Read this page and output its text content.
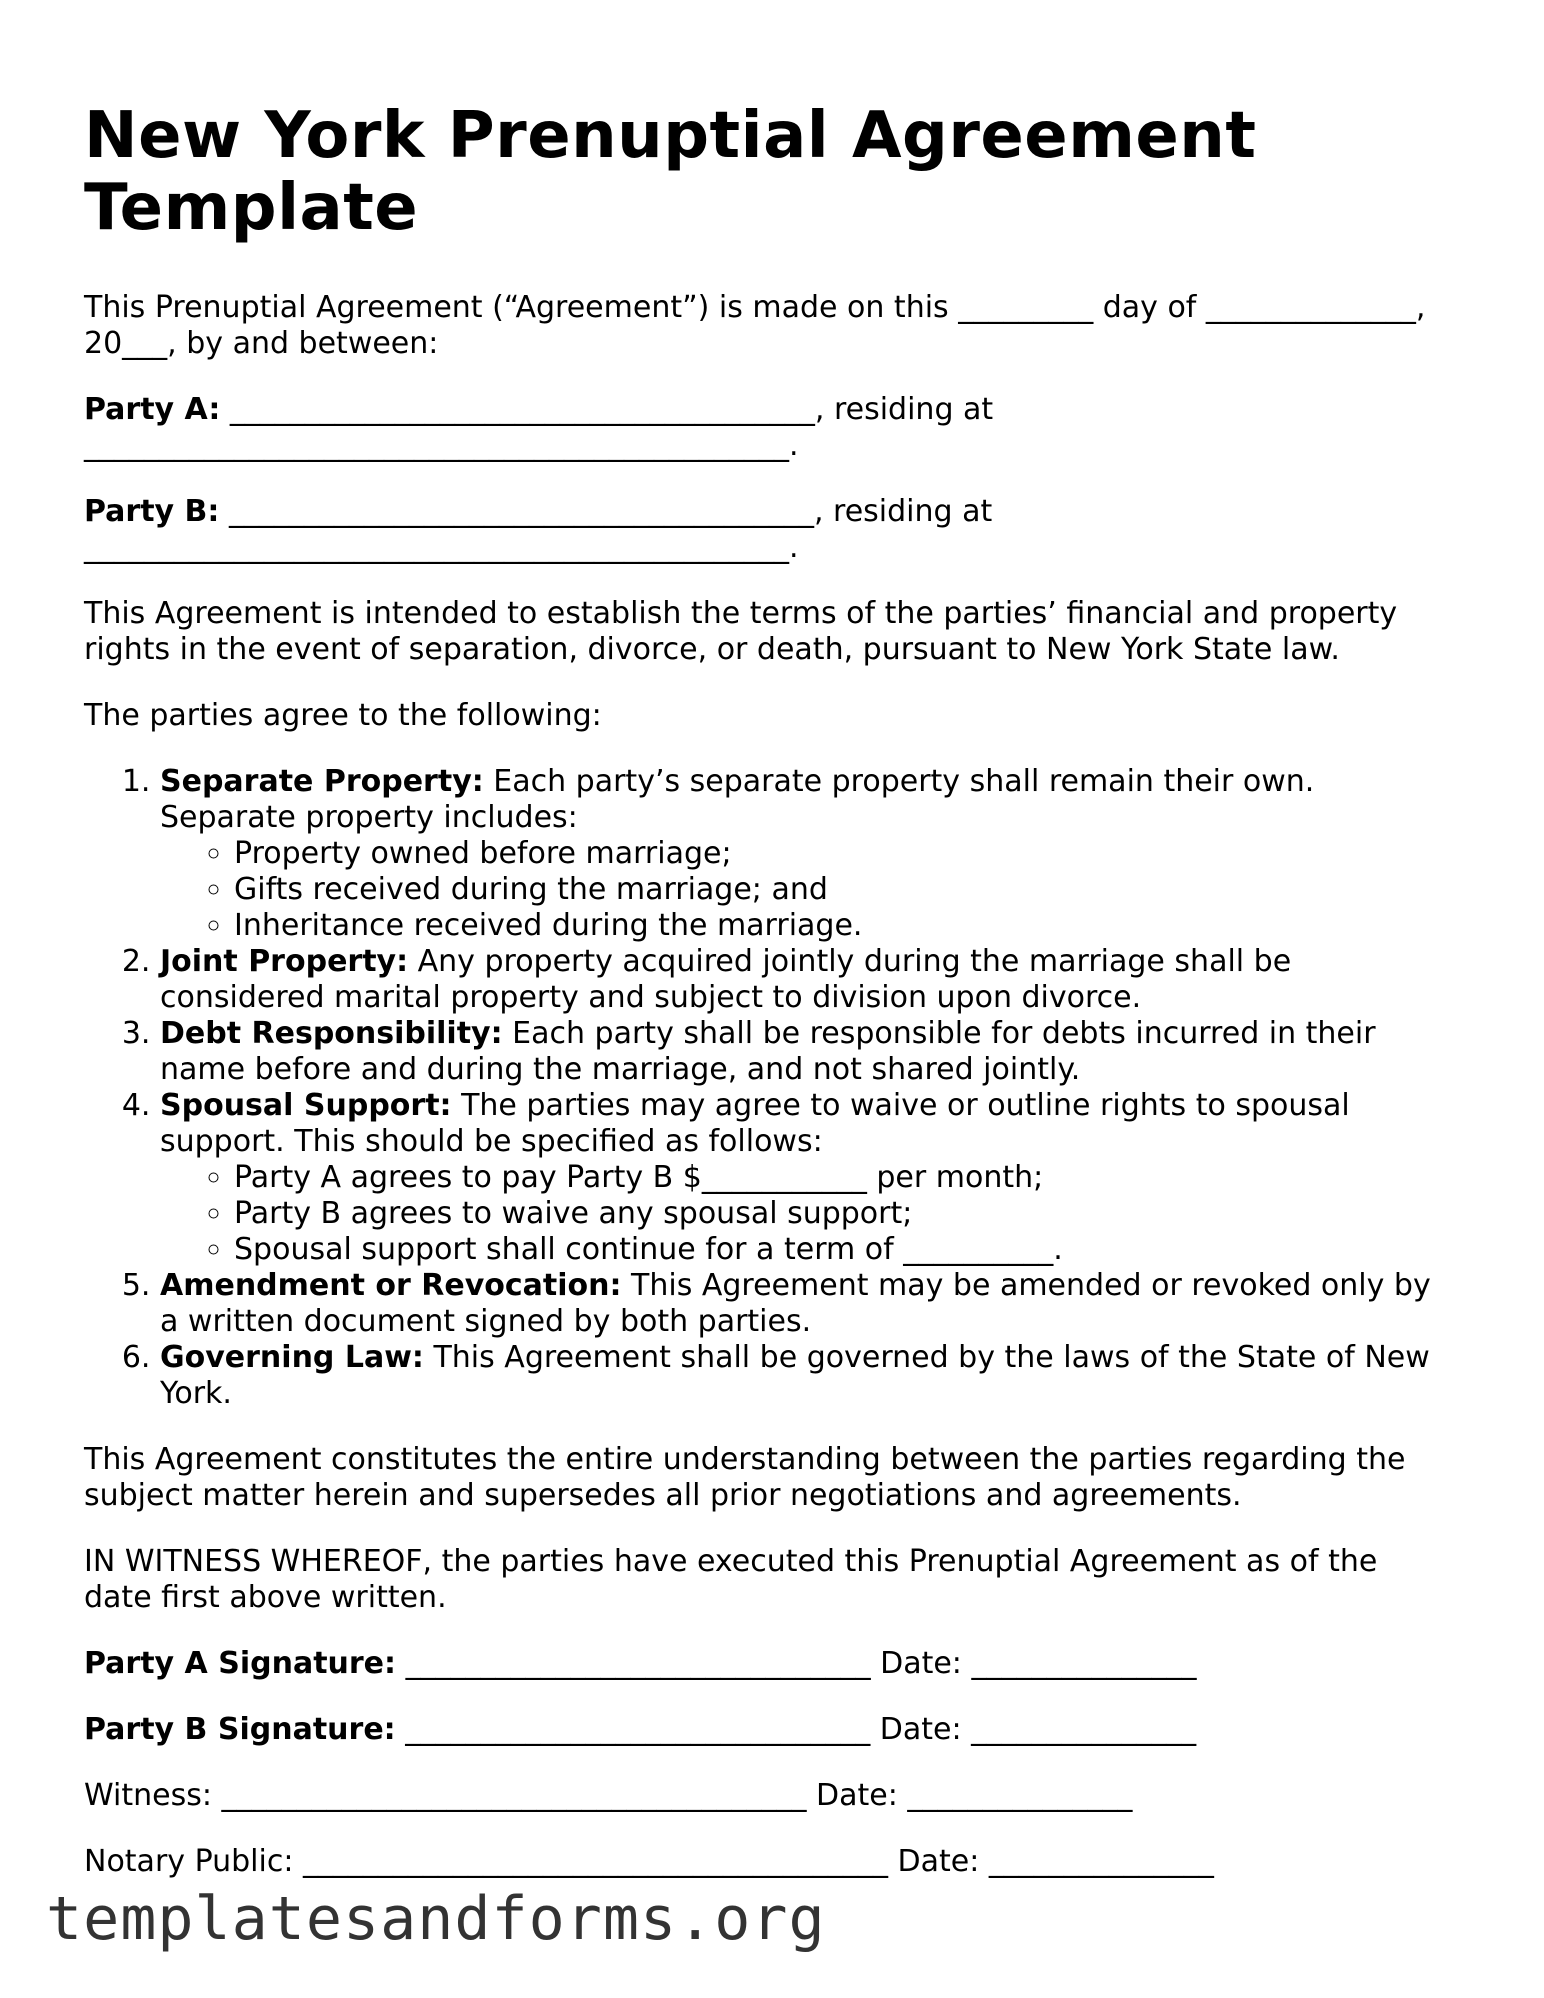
New York Prenuptial Agreement Template

This Prenuptial Agreement (“Agreement”) is made on this _________ day of ______________, 20___, by and between:

Party A: _______________________________________, residing at _______________________________________________.

Party B: _______________________________________, residing at _______________________________________________.

This Agreement is intended to establish the terms of the parties’ financial and property rights in the event of separation, divorce, or death, pursuant to New York State law.

The parties agree to the following:

1. Separate Property: Each party’s separate property shall remain their own. Separate property includes:
◦ Property owned before marriage;
◦ Gifts received during the marriage; and
◦ Inheritance received during the marriage.
2. Joint Property: Any property acquired jointly during the marriage shall be considered marital property and subject to division upon divorce.
3. Debt Responsibility: Each party shall be responsible for debts incurred in their name before and during the marriage, and not shared jointly.
4. Spousal Support: The parties may agree to waive or outline rights to spousal support. This should be specified as follows:
◦ Party A agrees to pay Party B $___________ per month;
◦ Party B agrees to waive any spousal support;
◦ Spousal support shall continue for a term of __________.
5. Amendment or Revocation: This Agreement may be amended or revoked only by a written document signed by both parties.
6. Governing Law: This Agreement shall be governed by the laws of the State of New York.

This Agreement constitutes the entire understanding between the parties regarding the subject matter herein and supersedes all prior negotiations and agreements.

IN WITNESS WHEREOF, the parties have executed this Prenuptial Agreement as of the date first above written.

Party A Signature: _______________________________ Date: _______________

Party B Signature: _______________________________ Date: _______________

Witness: _______________________________________ Date: _______________

Notary Public: _______________________________________ Date: _______________

templatesandforms.org
